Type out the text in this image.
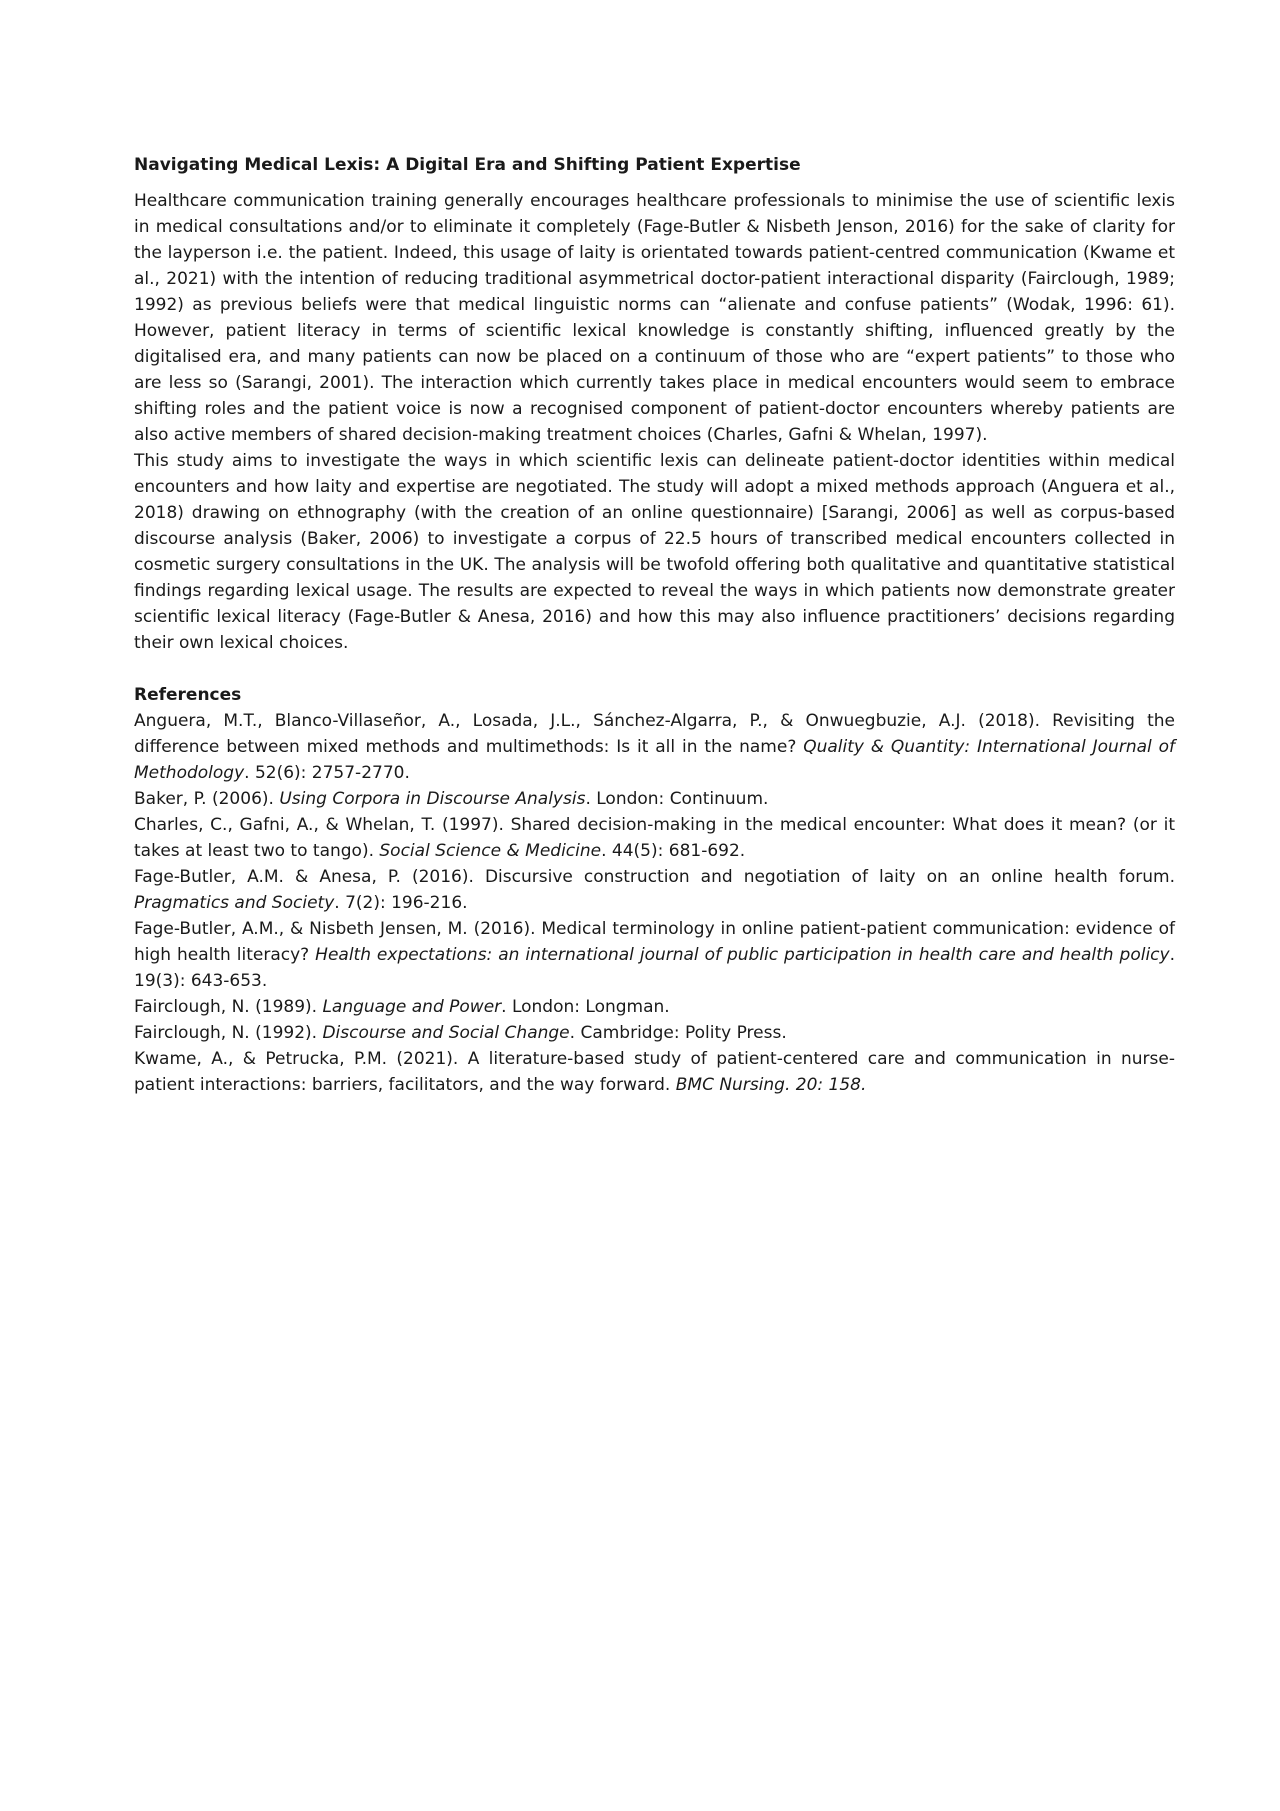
Navigating Medical Lexis: A Digital Era and Shifting Patient Expertise

Healthcare communication training generally encourages healthcare professionals to minimise the use of scientific lexis in medical consultations and/or to eliminate it completely (Fage-Butler & Nisbeth Jenson, 2016) for the sake of clarity for the layperson i.e. the patient. Indeed, this usage of laity is orientated towards patient-centred communication (Kwame et al., 2021) with the intention of reducing traditional asymmetrical doctor-patient interactional disparity (Fairclough, 1989; 1992) as previous beliefs were that medical linguistic norms can “alienate and confuse patients” (Wodak, 1996: 61). However, patient literacy in terms of scientific lexical knowledge is constantly shifting, influenced greatly by the digitalised era, and many patients can now be placed on a continuum of those who are “expert patients” to those who are less so (Sarangi, 2001). The interaction which currently takes place in medical encounters would seem to embrace shifting roles and the patient voice is now a recognised component of patient-doctor encounters whereby patients are also active members of shared decision-making treatment choices (Charles, Gafni & Whelan, 1997).

This study aims to investigate the ways in which scientific lexis can delineate patient-doctor identities within medical encounters and how laity and expertise are negotiated. The study will adopt a mixed methods approach (Anguera et al., 2018) drawing on ethnography (with the creation of an online questionnaire) [Sarangi, 2006] as well as corpus-based discourse analysis (Baker, 2006) to investigate a corpus of 22.5 hours of transcribed medical encounters collected in cosmetic surgery consultations in the UK. The analysis will be twofold offering both qualitative and quantitative statistical findings regarding lexical usage. The results are expected to reveal the ways in which patients now demonstrate greater scientific lexical literacy (Fage-Butler & Anesa, 2016) and how this may also influence practitioners’ decisions regarding their own lexical choices.

References

Anguera, M.T., Blanco-Villaseñor, A., Losada, J.L., Sánchez-Algarra, P., & Onwuegbuzie, A.J. (2018). Revisiting the difference between mixed methods and multimethods: Is it all in the name? Quality & Quantity: International Journal of Methodology. 52(6): 2757-2770.

Baker, P. (2006). Using Corpora in Discourse Analysis. London: Continuum.

Charles, C., Gafni, A., & Whelan, T. (1997). Shared decision-making in the medical encounter: What does it mean? (or it takes at least two to tango). Social Science & Medicine. 44(5): 681-692.

Fage-Butler, A.M. & Anesa, P. (2016). Discursive construction and negotiation of laity on an online health forum. Pragmatics and Society. 7(2): 196-216.

Fage-Butler, A.M., & Nisbeth Jensen, M. (2016). Medical terminology in online patient-patient communication: evidence of high health literacy? Health expectations: an international journal of public participation in health care and health policy. 19(3): 643-653.

Fairclough, N. (1989). Language and Power. London: Longman.

Fairclough, N. (1992). Discourse and Social Change. Cambridge: Polity Press.

Kwame, A., & Petrucka, P.M. (2021). A literature-based study of patient-centered care and communication in nurse-patient interactions: barriers, facilitators, and the way forward. BMC Nursing. 20: 158.
